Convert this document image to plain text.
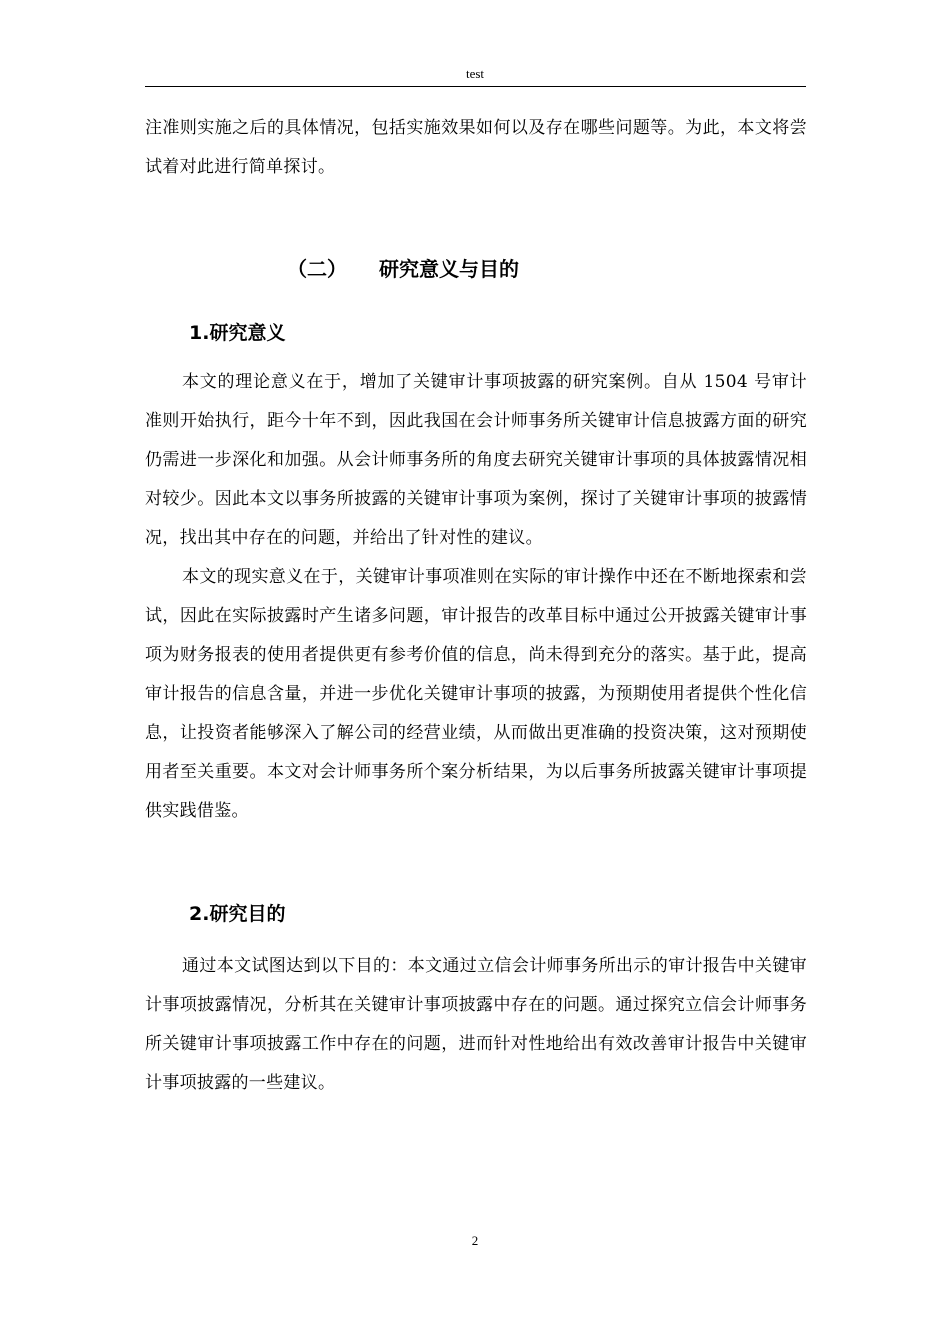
test

注准则实施之后的具体情况，包括实施效果如何以及存在哪些问题等。为此，本文将尝试着对此进行简单探讨。

（二） 研究意义与目的
1.研究意义

本文的理论意义在于，增加了关键审计事项披露的研究案例。自从 1504 号审计准则开始执行，距今十年不到，因此我国在会计师事务所关键审计信息披露方面的研究仍需进一步深化和加强。从会计师事务所的角度去研究关键审计事项的具体披露情况相对较少。因此本文以事务所披露的关键审计事项为案例，探讨了关键审计事项的披露情况，找出其中存在的问题，并给出了针对性的建议。

本文的现实意义在于，关键审计事项准则在实际的审计操作中还在不断地探索和尝试，因此在实际披露时产生诸多问题，审计报告的改革目标中通过公开披露关键审计事项为财务报表的使用者提供更有参考价值的信息，尚未得到充分的落实。基于此，提高审计报告的信息含量，并进一步优化关键审计事项的披露，为预期使用者提供个性化信息，让投资者能够深入了解公司的经营业绩，从而做出更准确的投资决策，这对预期使用者至关重要。本文对会计师事务所个案分析结果，为以后事务所披露关键审计事项提供实践借鉴。

2.研究目的

通过本文试图达到以下目的：本文通过立信会计师事务所出示的审计报告中关键审计事项披露情况，分析其在关键审计事项披露中存在的问题。通过探究立信会计师事务所关键审计事项披露工作中存在的问题，进而针对性地给出有效改善审计报告中关键审计事项披露的一些建议。

2
